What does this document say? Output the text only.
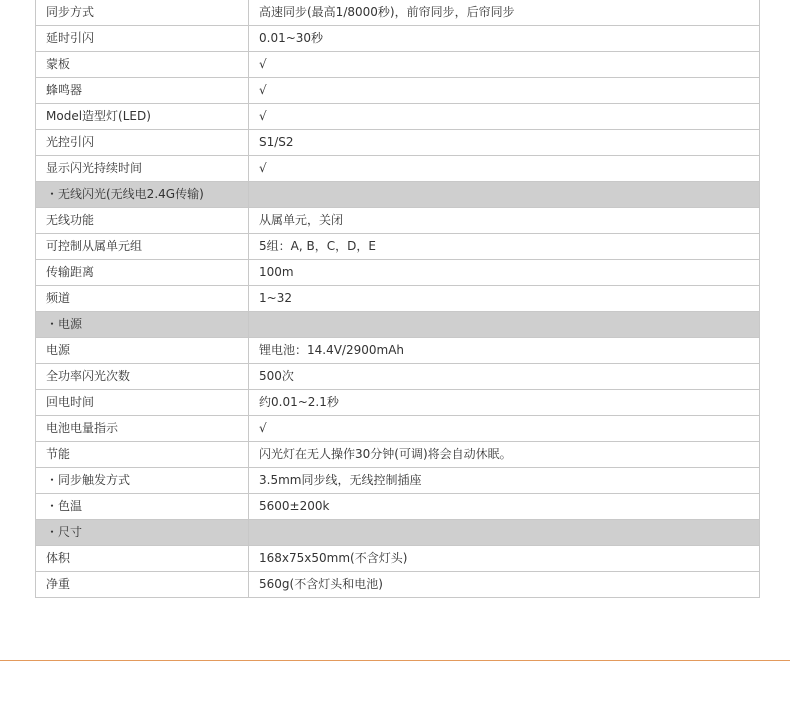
同步方式	高速同步(最高1/8000秒)，前帘同步，后帘同步
延时引闪	0.01~30秒
蒙板	√
蜂鸣器	√
Model造型灯(LED)	√
光控引闪	S1/S2
显示闪光持续时间	√
・无线闪光(无线电2.4G传输)	
无线功能	从属单元，关闭
可控制从属单元组	5组：A, B，C，D，E
传输距离	100m
频道	1~32
・电源	
电源	锂电池：14.4V/2900mAh
全功率闪光次数	500次
回电时间	约0.01~2.1秒
电池电量指示	√
节能	闪光灯在无人操作30分钟(可调)将会自动休眠。
・同步触发方式	3.5mm同步线，无线控制插座
・色温	5600±200k
・尺寸	
体积	168x75x50mm(不含灯头)
净重	560g(不含灯头和电池)
